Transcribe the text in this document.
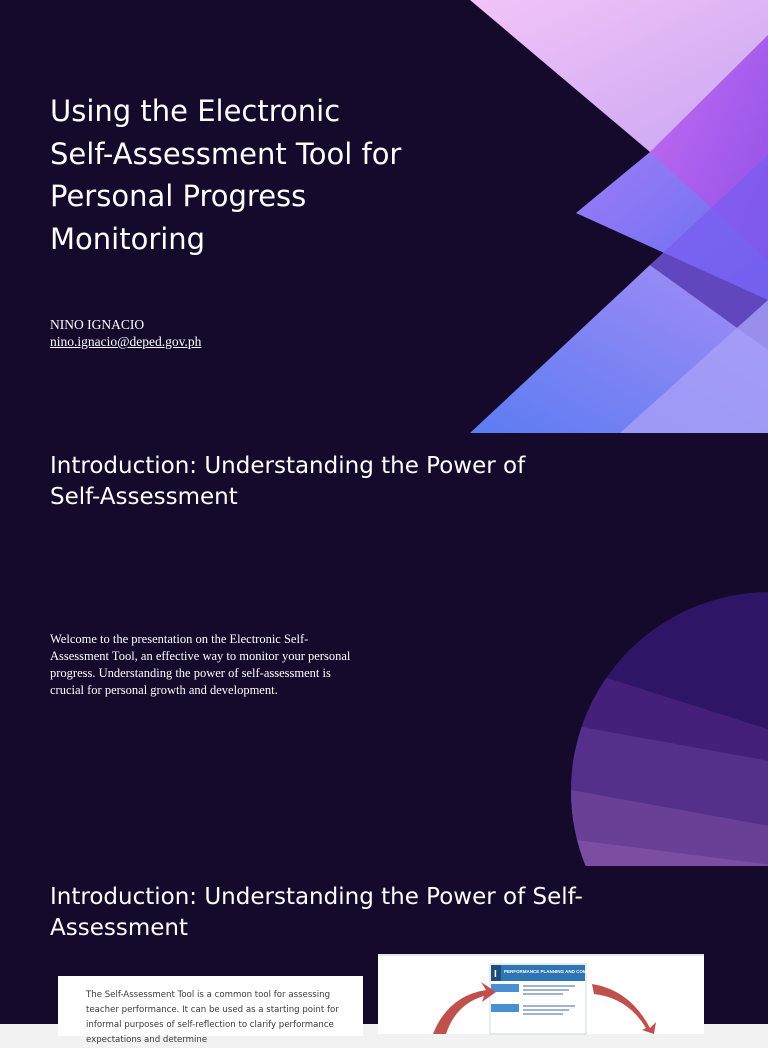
Using the Electronic
Self-Assessment Tool for
Personal Progress
Monitoring
NINO IGNACIO
nino.ignacio@deped.gov.ph
Introduction: Understanding the Power of
Self-Assessment

Welcome to the presentation on the Electronic Self-Assessment Tool, an effective way to monitor your personal progress. Understanding the power of self-assessment is crucial for personal growth and development.

Introduction: Understanding the Power of Self-
Assessment

The Self-Assessment Tool is a common tool for assessing teacher performance. It can be used as a starting point for informal purposes of self-reflection to clarify performance expectations and determine

I PERFORMANCE PLANNING AND COMMITMENT
